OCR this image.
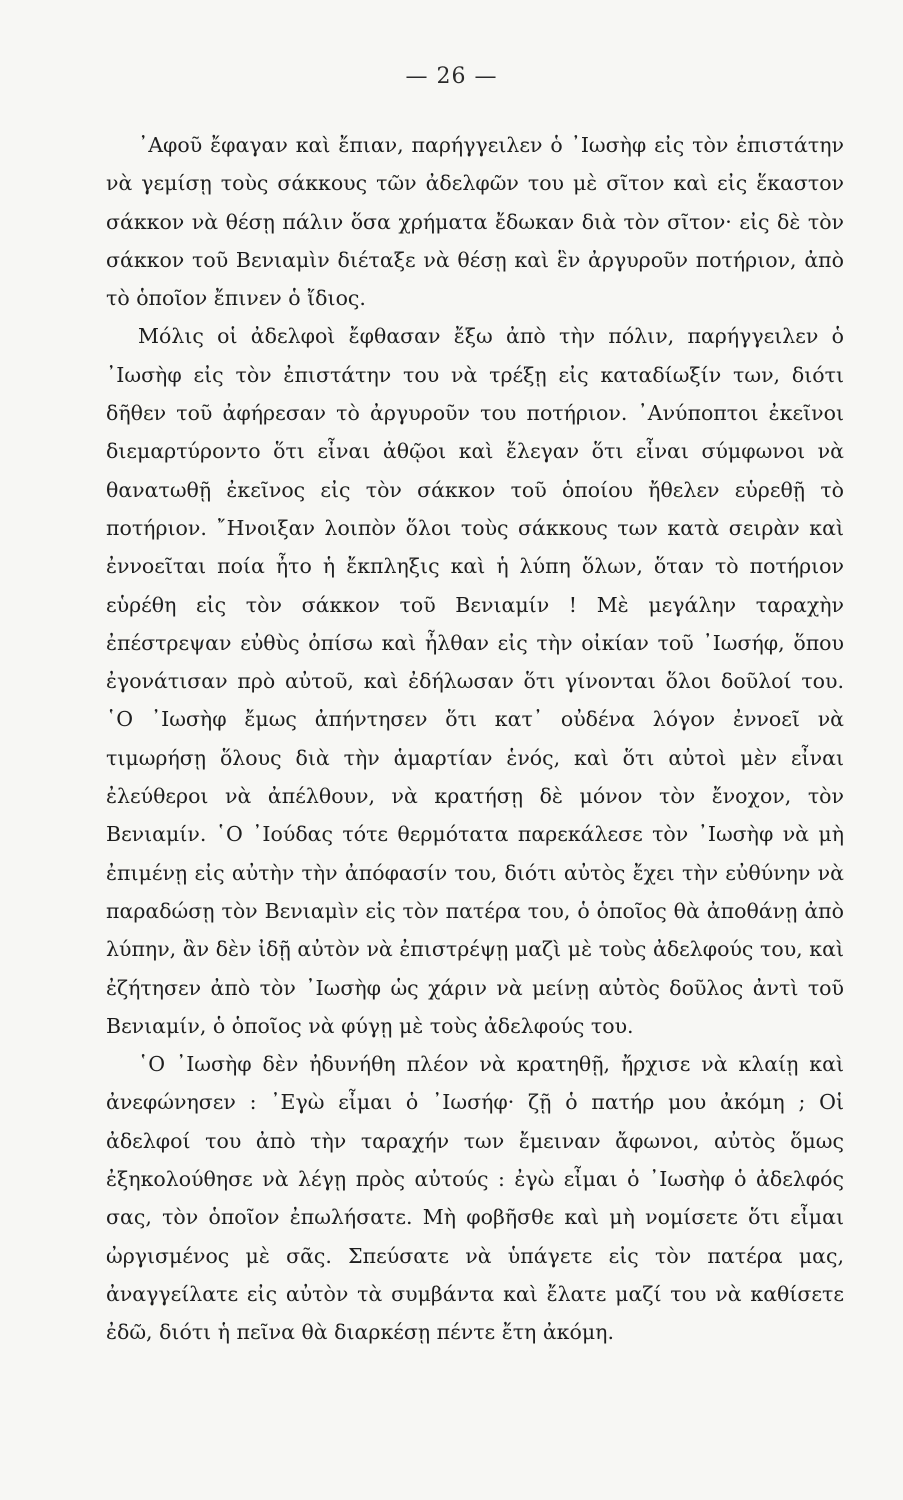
— 26 —

᾿Αφοῦ ἔφαγαν καὶ ἔπιαν, παρήγγειλεν ὁ ᾿Ιωσὴφ εἰς τὸν ἐπιστάτην νὰ γεμίσῃ τοὺς σάκκους τῶν ἀδελφῶν του μὲ σῖτον καὶ εἰς ἕκαστον σάκκον νὰ θέσῃ πάλιν ὅσα χρήματα ἔδωκαν διὰ τὸν σῖτον· εἰς δὲ τὸν σάκκον τοῦ Βενιαμὶν διέταξε νὰ θέσῃ καὶ ἓν ἀργυροῦν ποτήριον, ἀπὸ τὸ ὁποῖον ἔπινεν ὁ ἴδιος.

Μόλις οἱ ἀδελφοὶ ἔφθασαν ἔξω ἀπὸ τὴν πόλιν, παρήγγειλεν ὁ ᾿Ιωσὴφ εἰς τὸν ἐπιστάτην του νὰ τρέξῃ εἰς καταδίωξίν των, διότι δῆθεν τοῦ ἀφήρεσαν τὸ ἀργυροῦν του ποτήριον. ᾿Ανύποπτοι ἐκεῖνοι διεμαρτύροντο ὅτι εἶναι ἀθῷοι καὶ ἔλεγαν ὅτι εἶναι σύμφωνοι νὰ θανατωθῇ ἐκεῖνος εἰς τὸν σάκκον τοῦ ὁποίου ἤθελεν εὑρεθῇ τὸ ποτήριον. ῎Ηνοιξαν λοιπὸν ὅλοι τοὺς σάκκους των κατὰ σειρὰν καὶ ἐννοεῖται ποία ἦτο ἡ ἔκπληξις καὶ ἡ λύπη ὅλων, ὅταν τὸ ποτήριον εὑρέθη εἰς τὸν σάκκον τοῦ Βενιαμίν ! Μὲ μεγάλην ταραχὴν ἐπέστρεψαν εὐθὺς ὀπίσω καὶ ἦλθαν εἰς τὴν οἰκίαν τοῦ ᾿Ιωσήφ, ὅπου ἐγονάτισαν πρὸ αὐτοῦ, καὶ ἐδήλωσαν ὅτι γίνονται ὅλοι δοῦλοί του. ῾Ο ᾿Ιωσὴφ ἔμως ἀπήντησεν ὅτι κατ᾿ οὐδένα λόγον ἐννοεῖ νὰ τιμωρήσῃ ὅλους διὰ τὴν ἁμαρτίαν ἑνός, καὶ ὅτι αὐτοὶ μὲν εἶναι ἐλεύθεροι νὰ ἀπέλθουν, νὰ κρατήσῃ δὲ μόνον τὸν ἔνοχον, τὸν Βενιαμίν. ῾Ο ᾿Ιούδας τότε θερμότατα παρεκάλεσε τὸν ᾿Ιωσὴφ νὰ μὴ ἐπιμένῃ εἰς αὐτὴν τὴν ἀπόφασίν του, διότι αὐτὸς ἔχει τὴν εὐθύνην νὰ παραδώσῃ τὸν Βενιαμὶν εἰς τὸν πατέρα του, ὁ ὁποῖος θὰ ἀποθάνῃ ἀπὸ λύπην, ἂν δὲν ἰδῇ αὐτὸν νὰ ἐπιστρέψῃ μαζὶ μὲ τοὺς ἀδελφούς του, καὶ ἐζήτησεν ἀπὸ τὸν ᾿Ιωσὴφ ὡς χάριν νὰ μείνῃ αὐτὸς δοῦλος ἀντὶ τοῦ Βενιαμίν, ὁ ὁποῖος νὰ φύγῃ μὲ τοὺς ἀδελφούς του.

῾Ο ᾿Ιωσὴφ δὲν ἠδυνήθη πλέον νὰ κρατηθῇ, ἤρχισε νὰ κλαίῃ καὶ ἀνεφώνησεν : ᾿Εγὼ εἶμαι ὁ ᾿Ιωσήφ· ζῇ ὁ πατήρ μου ἀκόμη ; Οἱ ἀδελφοί του ἀπὸ τὴν ταραχήν των ἔμειναν ἄφωνοι, αὐτὸς ὅμως ἐξηκολούθησε νὰ λέγῃ πρὸς αὐτούς : ἐγὼ εἶμαι ὁ ᾿Ιωσὴφ ὁ ἀδελφός σας, τὸν ὁποῖον ἐπωλήσατε. Μὴ φοβῆσθε καὶ μὴ νομίσετε ὅτι εἶμαι ὠργισμένος μὲ σᾶς. Σπεύσατε νὰ ὑπάγετε εἰς τὸν πατέρα μας, ἀναγγείλατε εἰς αὐτὸν τὰ συμβάντα καὶ ἔλατε μαζί του νὰ καθίσετε ἐδῶ, διότι ἡ πεῖνα θὰ διαρκέσῃ πέντε ἔτη ἀκόμη.
